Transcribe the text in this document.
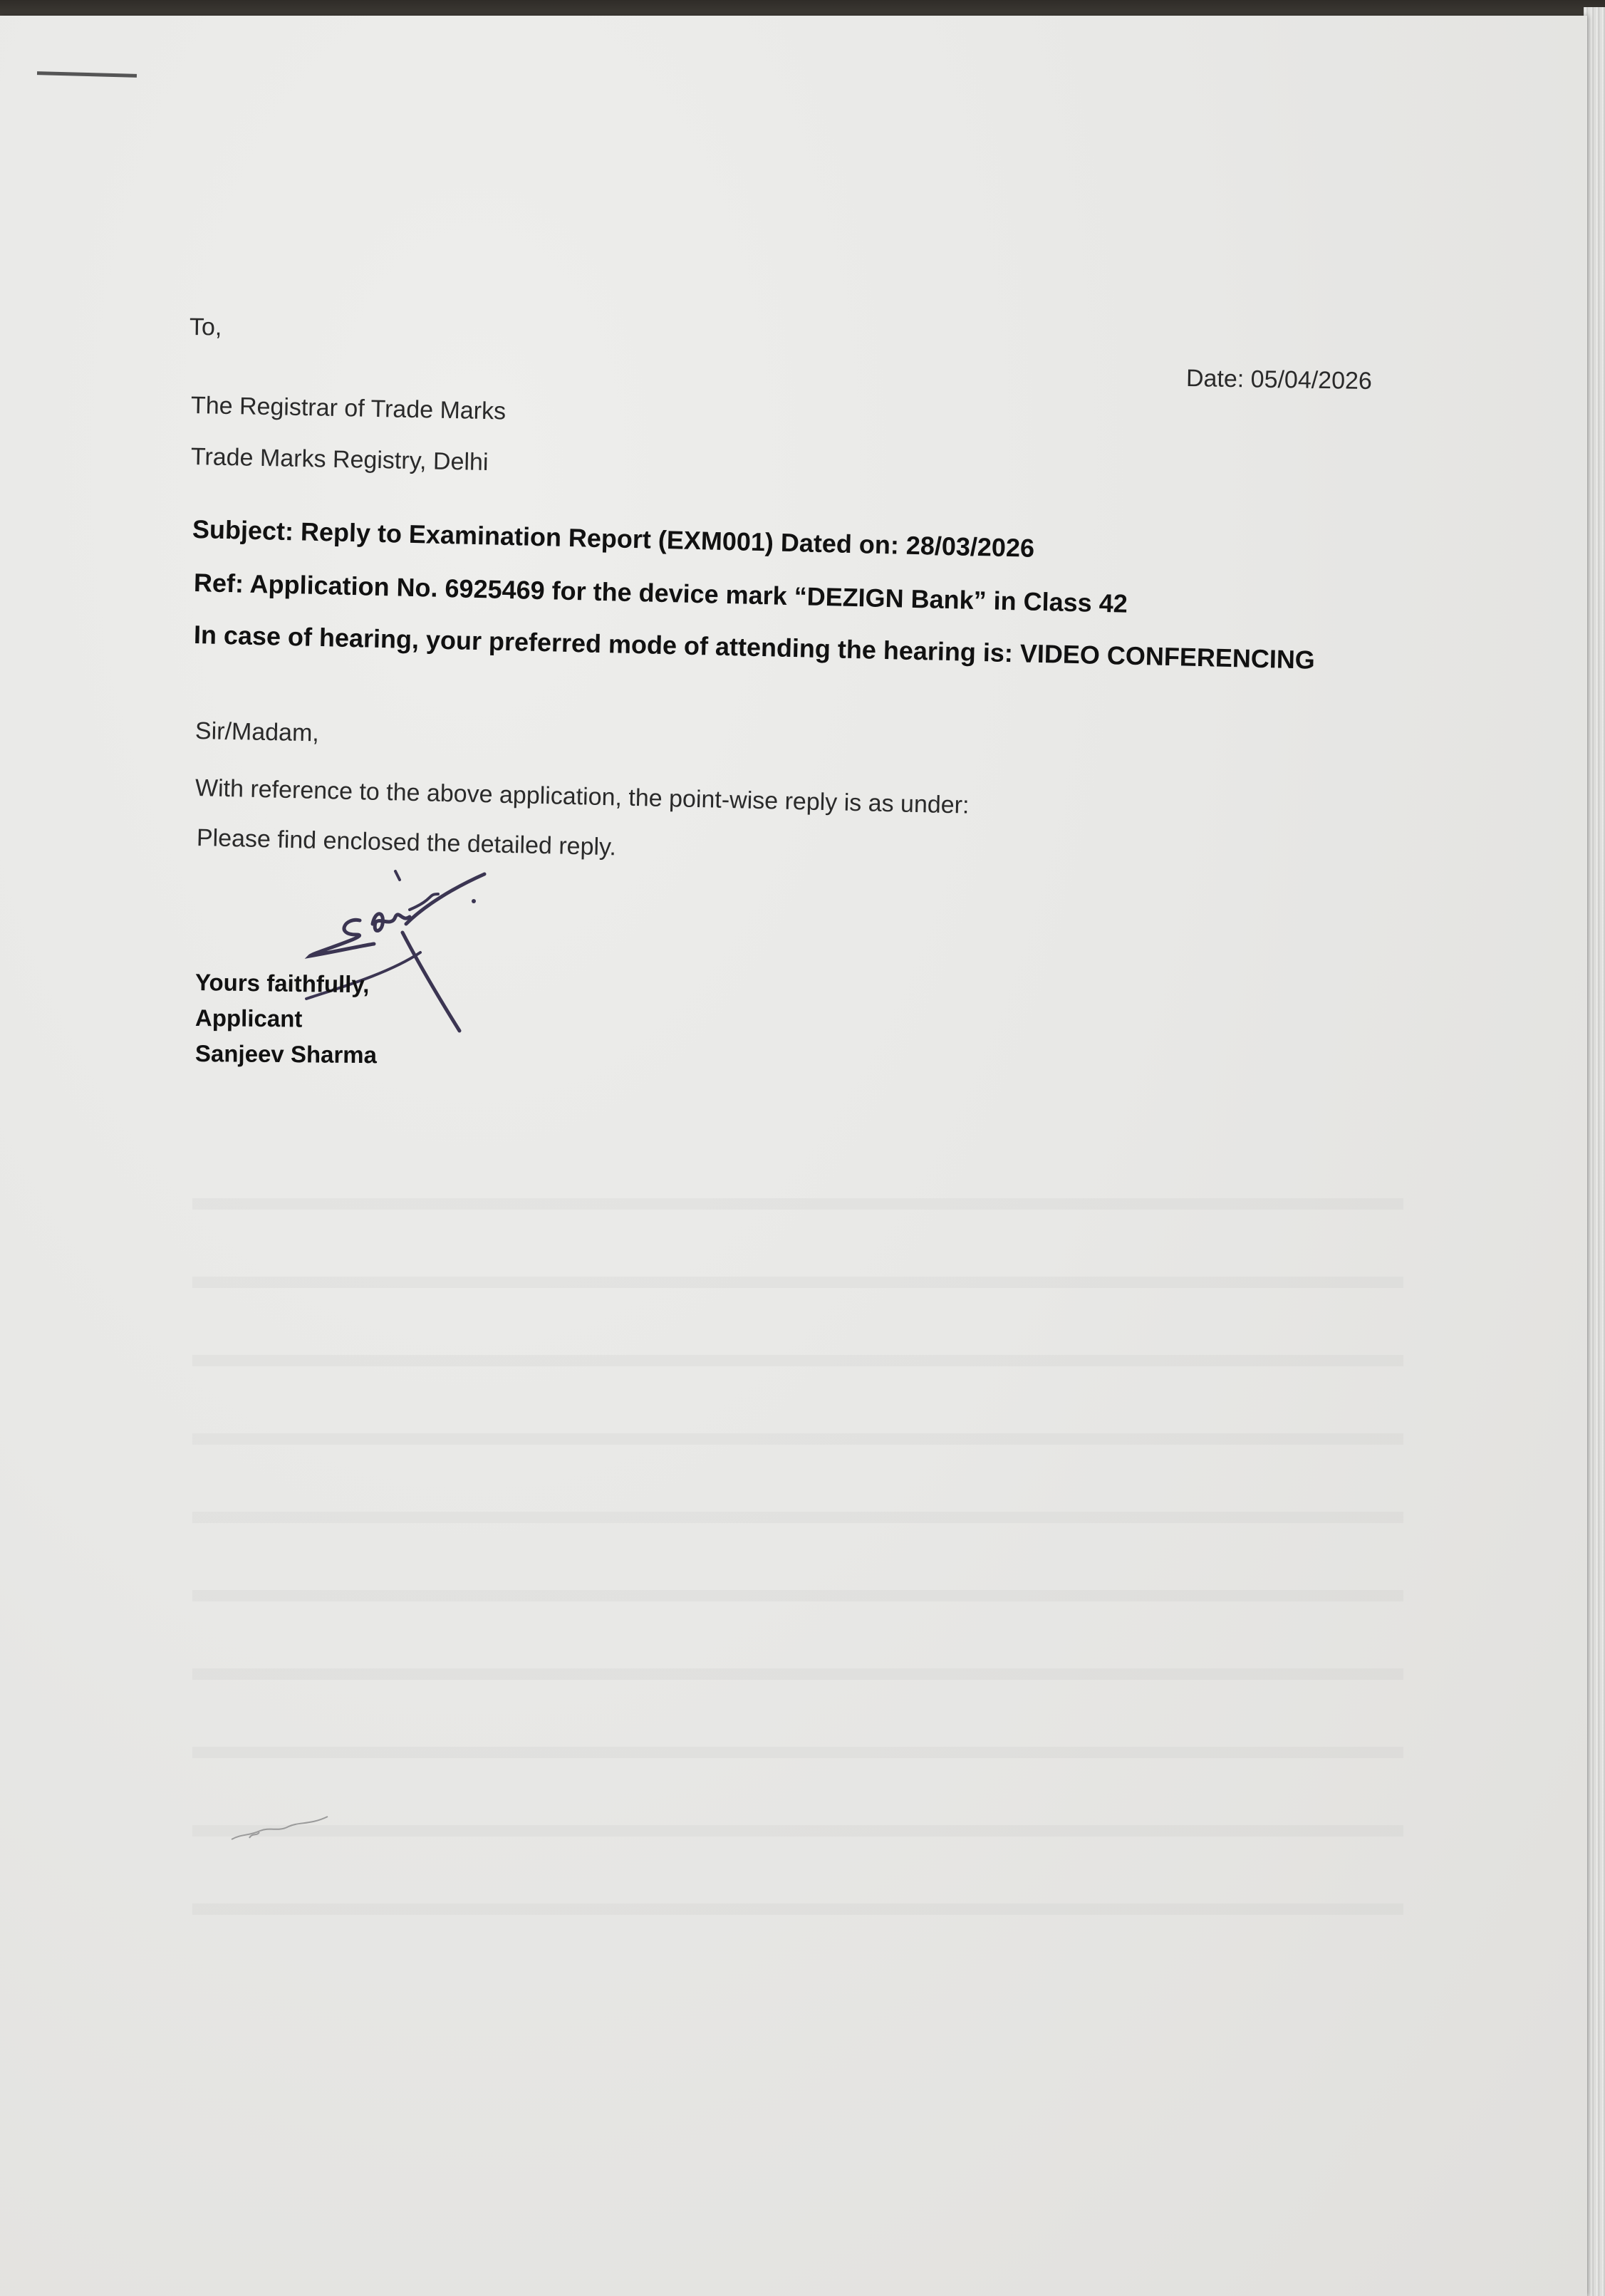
To,
Date: 05/04/2026
The Registrar of Trade Marks
Trade Marks Registry, Delhi
Subject: Reply to Examination Report (EXM001) Dated on: 28/03/2026
Ref: Application No. 6925469 for the device mark “DEZIGN Bank” in Class 42
In case of hearing, your preferred mode of attending the hearing is: VIDEO CONFERENCING
Sir/Madam,
With reference to the above application, the point-wise reply is as under:
Please find enclosed the detailed reply.
Yours faithfully,
Applicant
Sanjeev Sharma
